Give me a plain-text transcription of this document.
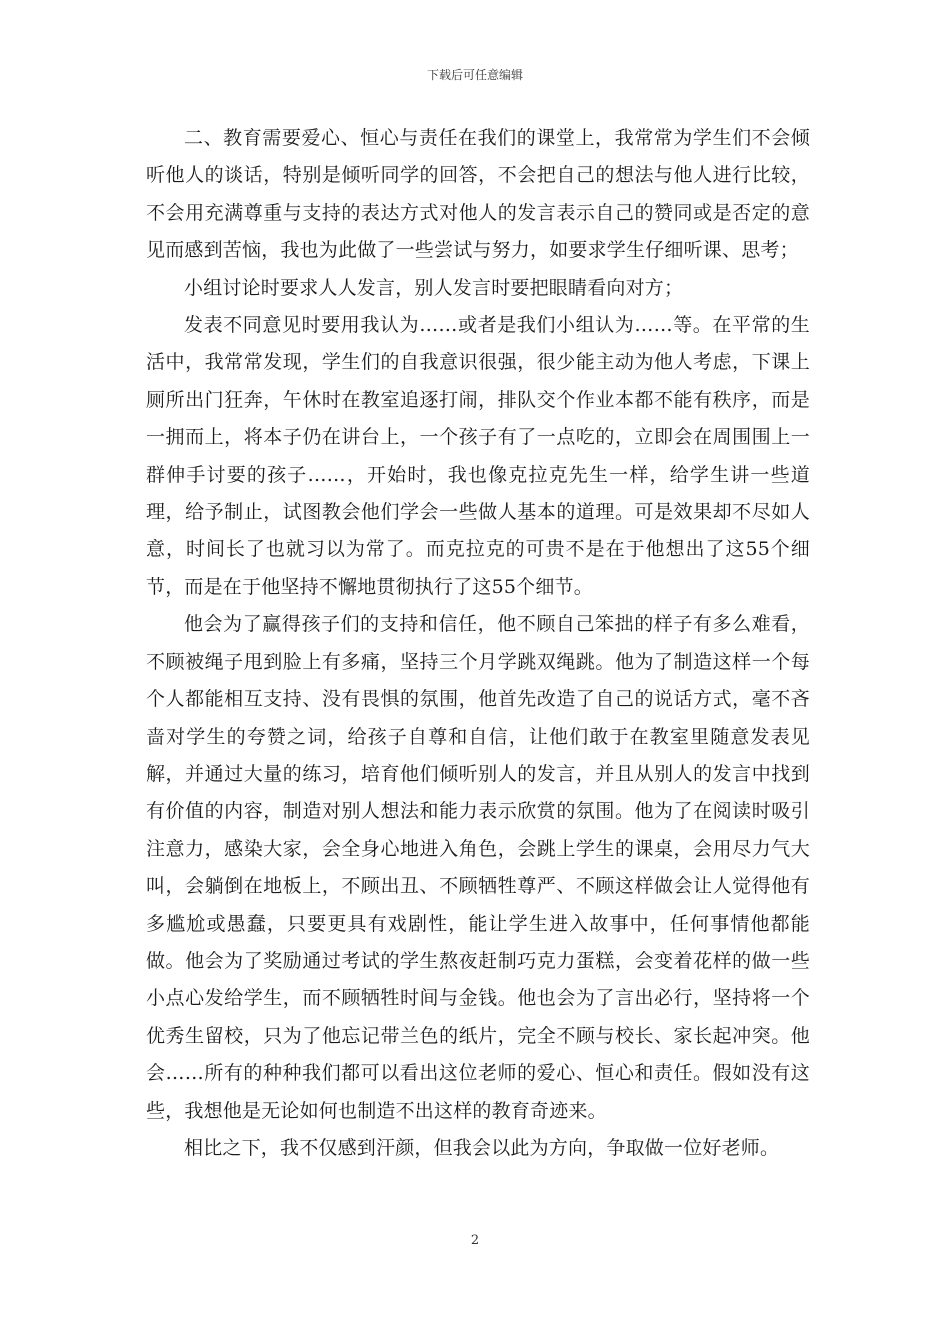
下载后可任意编辑

二、教育需要爱心、恒心与责任在我们的课堂上，我常常为学生们不会倾听他人的谈话，特别是倾听同学的回答，不会把自己的想法与他人进行比较，不会用充满尊重与支持的表达方式对他人的发言表示自己的赞同或是否定的意见而感到苦恼，我也为此做了一些尝试与努力，如要求学生仔细听课、思考；

小组讨论时要求人人发言，别人发言时要把眼睛看向对方；

发表不同意见时要用我认为……或者是我们小组认为……等。在平常的生活中，我常常发现，学生们的自我意识很强，很少能主动为他人考虑，下课上厕所出门狂奔，午休时在教室追逐打闹，排队交个作业本都不能有秩序，而是一拥而上，将本子仍在讲台上，一个孩子有了一点吃的，立即会在周围围上一群伸手讨要的孩子……，开始时，我也像克拉克先生一样，给学生讲一些道理，给予制止，试图教会他们学会一些做人基本的道理。可是效果却不尽如人意，时间长了也就习以为常了。而克拉克的可贵不是在于他想出了这55个细节，而是在于他坚持不懈地贯彻执行了这55个细节。

他会为了赢得孩子们的支持和信任，他不顾自己笨拙的样子有多么难看，不顾被绳子甩到脸上有多痛，坚持三个月学跳双绳跳。他为了制造这样一个每个人都能相互支持、没有畏惧的氛围，他首先改造了自己的说话方式，毫不吝啬对学生的夸赞之词，给孩子自尊和自信，让他们敢于在教室里随意发表见解，并通过大量的练习，培育他们倾听别人的发言，并且从别人的发言中找到有价值的内容，制造对别人想法和能力表示欣赏的氛围。他为了在阅读时吸引注意力，感染大家，会全身心地进入角色，会跳上学生的课桌，会用尽力气大叫，会躺倒在地板上，不顾出丑、不顾牺牲尊严、不顾这样做会让人觉得他有多尴尬或愚蠢，只要更具有戏剧性，能让学生进入故事中，任何事情他都能做。他会为了奖励通过考试的学生熬夜赶制巧克力蛋糕，会变着花样的做一些小点心发给学生，而不顾牺牲时间与金钱。他也会为了言出必行，坚持将一个优秀生留校，只为了他忘记带兰色的纸片，完全不顾与校长、家长起冲突。他会……所有的种种我们都可以看出这位老师的爱心、恒心和责任。假如没有这些，我想他是无论如何也制造不出这样的教育奇迹来。

相比之下，我不仅感到汗颜，但我会以此为方向，争取做一位好老师。

2
